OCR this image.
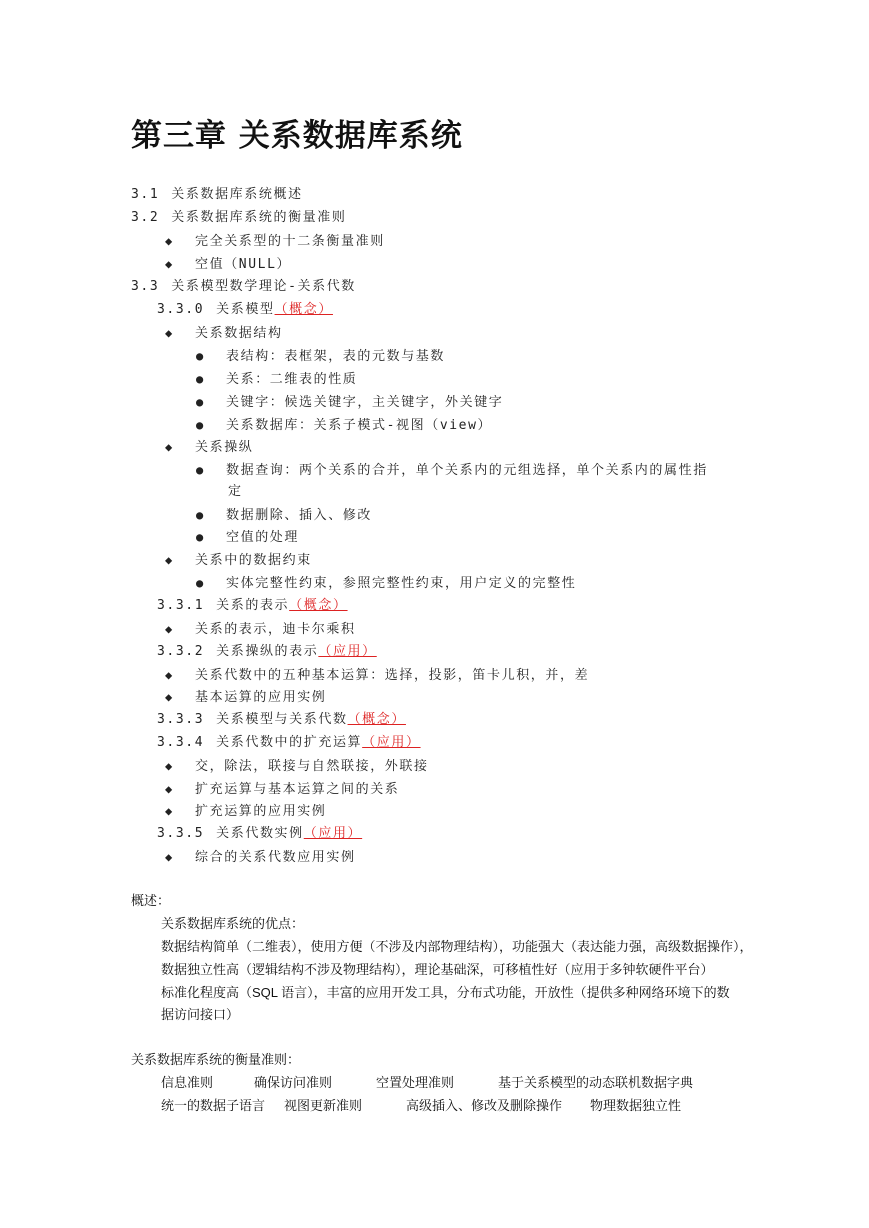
第三章 关系数据库系统
3.1 关系数据库系统概述
3.2 关系数据库系统的衡量准则
◆完全关系型的十二条衡量准则
◆空值（NULL）
3.3 关系模型数学理论-关系代数
3.3.0 关系模型（概念）
◆关系数据结构
●表结构：表框架，表的元数与基数
●关系：二维表的性质
●关键字：候选关键字，主关键字，外关键字
●关系数据库：关系子模式-视图（view）
◆关系操纵
●数据查询：两个关系的合并，单个关系内的元组选择，单个关系内的属性指
定
●数据删除、插入、修改
●空值的处理
◆关系中的数据约束
●实体完整性约束，参照完整性约束，用户定义的完整性
3.3.1 关系的表示（概念）
◆关系的表示，迪卡尔乘积
3.3.2 关系操纵的表示（应用）
◆关系代数中的五种基本运算：选择，投影，笛卡儿积，并，差
◆基本运算的应用实例
3.3.3 关系模型与关系代数（概念）
3.3.4 关系代数中的扩充运算（应用）
◆交，除法，联接与自然联接，外联接
◆扩充运算与基本运算之间的关系
◆扩充运算的应用实例
3.3.5 关系代数实例（应用）
◆综合的关系代数应用实例
概述：
关系数据库系统的优点：
数据结构简单（二维表），使用方便（不涉及内部物理结构），功能强大（表达能力强，高级数据操作），
数据独立性高（逻辑结构不涉及物理结构），理论基础深，可移植性好（应用于多钟软硬件平台）
标准化程度高（SQL 语言），丰富的应用开发工具，分布式功能，开放性（提供多种网络环境下的数
据访问接口）
关系数据库系统的衡量准则：
信息准则	确保访问准则	空置处理准则	基于关系模型的动态联机数据字典
统一的数据子语言 视图更新准则	高级插入、修改及删除操作 物理数据独立性
